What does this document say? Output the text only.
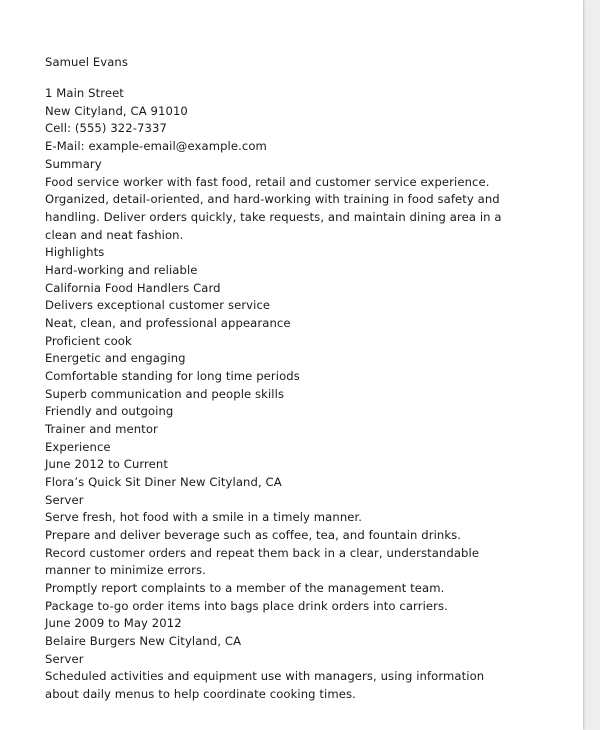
Samuel Evans
1 Main Street
New Cityland, CA 91010
Cell: (555) 322-7337
E-Mail: example-email@example.com
Summary
Food service worker with fast food, retail and customer service experience.
Organized, detail-oriented, and hard-working with training in food safety and
handling. Deliver orders quickly, take requests, and maintain dining area in a
clean and neat fashion.
Highlights
Hard-working and reliable
California Food Handlers Card
Delivers exceptional customer service
Neat, clean, and professional appearance
Proficient cook
Energetic and engaging
Comfortable standing for long time periods
Superb communication and people skills
Friendly and outgoing
Trainer and mentor
Experience
June 2012 to Current
Flora’s Quick Sit Diner New Cityland, CA
Server
Serve fresh, hot food with a smile in a timely manner.
Prepare and deliver beverage such as coffee, tea, and fountain drinks.
Record customer orders and repeat them back in a clear, understandable
manner to minimize errors.
Promptly report complaints to a member of the management team.
Package to-go order items into bags place drink orders into carriers.
June 2009 to May 2012
Belaire Burgers New Cityland, CA
Server
Scheduled activities and equipment use with managers, using information
about daily menus to help coordinate cooking times.
